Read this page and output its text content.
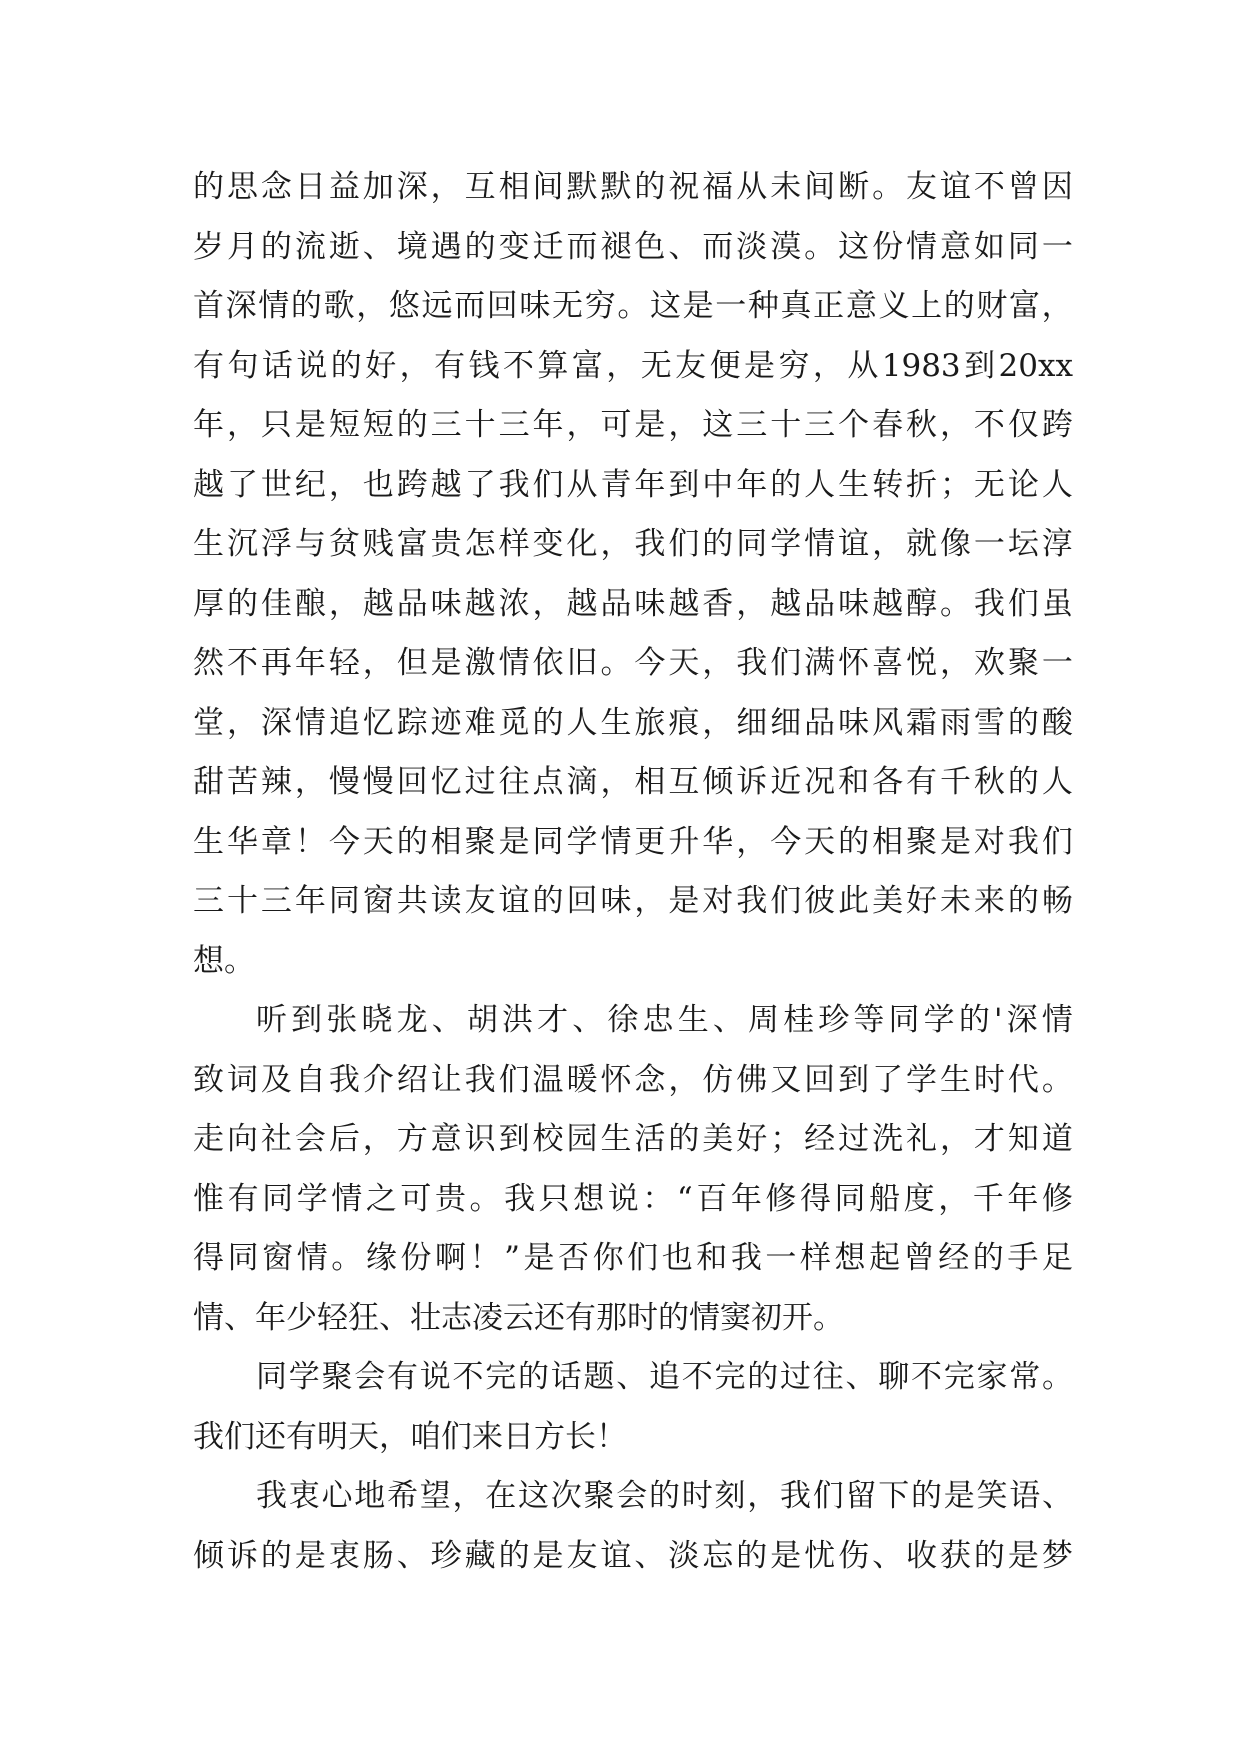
的 思 念 日 益 加 深 ， 互 相 间 默 默 的 祝 福 从 未 间 断 。 友 谊 不 曾 因
岁 月 的 流 逝 、 境 遇 的 变 迁 而 褪 色 、 而 淡 漠 。 这 份 情 意 如 同 一
首 深 情 的 歌 ， 悠 远 而 回 味 无 穷 。 这 是 一 种 真 正 意 义 上 的 财 富 ，
有 句 话 说 的 好 ， 有 钱 不 算 富 ， 无 友 便 是 穷 ， 从 1983 到 20xx
年 ， 只 是 短 短 的 三 十 三 年 ， 可 是 ， 这 三 十 三 个 春 秋 ， 不 仅 跨
越 了 世 纪 ， 也 跨 越 了 我 们 从 青 年 到 中 年 的 人 生 转 折 ； 无 论 人
生 沉 浮 与 贫 贱 富 贵 怎 样 变 化 ， 我 们 的 同 学 情 谊 ， 就 像 一 坛 淳
厚 的 佳 酿 ， 越 品 味 越 浓 ， 越 品 味 越 香 ， 越 品 味 越 醇 。 我 们 虽
然 不 再 年 轻 ， 但 是 激 情 依 旧 。 今 天 ， 我 们 满 怀 喜 悦 ， 欢 聚 一
堂 ， 深 情 追 忆 踪 迹 难 觅 的 人 生 旅 痕 ， 细 细 品 味 风 霜 雨 雪 的 酸
甜 苦 辣 ， 慢 慢 回 忆 过 往 点 滴 ， 相 互 倾 诉 近 况 和 各 有 千 秋 的 人
生 华 章 ！ 今 天 的 相 聚 是 同 学 情 更 升 华 ， 今 天 的 相 聚 是 对 我 们
三 十 三 年 同 窗 共 读 友 谊 的 回 味 ， 是 对 我 们 彼 此 美 好 未 来 的 畅
想。
听 到 张 晓 龙 、 胡 洪 才 、 徐 忠 生 、 周 桂 珍 等 同 学 的 ' 深 情
致 词 及 自 我 介 绍 让 我 们 温 暖 怀 念 ， 仿 佛 又 回 到 了 学 生 时 代 。
走 向 社 会 后 ， 方 意 识 到 校 园 生 活 的 美 好 ； 经 过 洗 礼 ， 才 知 道
惟 有 同 学 情 之 可 贵 。 我 只 想 说 ： “ 百 年 修 得 同 船 度 ， 千 年 修
得 同 窗 情 。 缘 份 啊 ！ ” 是 否 你 们 也 和 我 一 样 想 起 曾 经 的 手 足
情、年少轻狂、壮志凌云还有那时的情窦初开。
同 学 聚 会 有 说 不 完 的 话 题 、 追 不 完 的 过 往 、 聊 不 完 家 常 。
我们还有明天，咱们来日方长！
我 衷 心 地 希 望 ， 在 这 次 聚 会 的 时 刻 ， 我 们 留 下 的 是 笑 语 、
倾 诉 的 是 衷 肠 、 珍 藏 的 是 友 谊 、 淡 忘 的 是 忧 伤 、 收 获 的 是 梦
